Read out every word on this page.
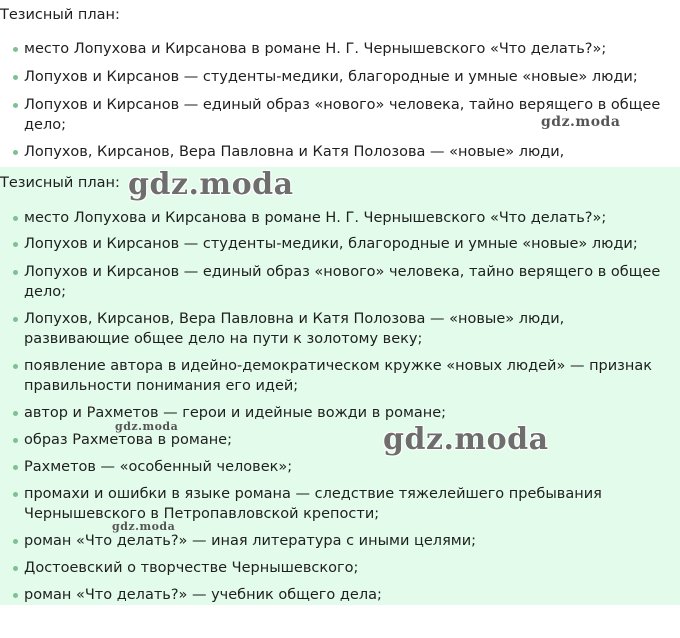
Тезисный план:
место Лопухова и Кирсанова в романе Н. Г. Чернышевского «Что делать?»;
Лопухов и Кирсанов — студенты-медики, благородные и умные «новые» люди;
Лопухов и Кирсанов — единый образ «нового» человека, тайно верящего в общее дело;
Лопухов, Кирсанов, Вера Павловна и Катя Полозова — «новые» люди,
gdz.moda
Тезисный план:
место Лопухова и Кирсанова в романе Н. Г. Чернышевского «Что делать?»;
Лопухов и Кирсанов — студенты-медики, благородные и умные «новые» люди;
Лопухов и Кирсанов — единый образ «нового» человека, тайно верящего в общее дело;
Лопухов, Кирсанов, Вера Павловна и Катя Полозова — «новые» люди, развивающие общее дело на пути к золотому веку;
появление автора в идейно-демократическом кружке «новых людей» — признак правильности понимания его идей;
автор и Рахметов — герои и идейные вожди в романе;
образ Рахметова в романе;
Рахметов — «особенный человек»;
промахи и ошибки в языке романа — следствие тяжелейшего пребывания Чернышевского в Петропавловской крепости;
роман «Что делать?» — иная литература с иными целями;
Достоевский о творчестве Чернышевского;
роман «Что делать?» — учебник общего дела;
gdz.moda
gdz.moda	gdz.moda
gdz.moda
